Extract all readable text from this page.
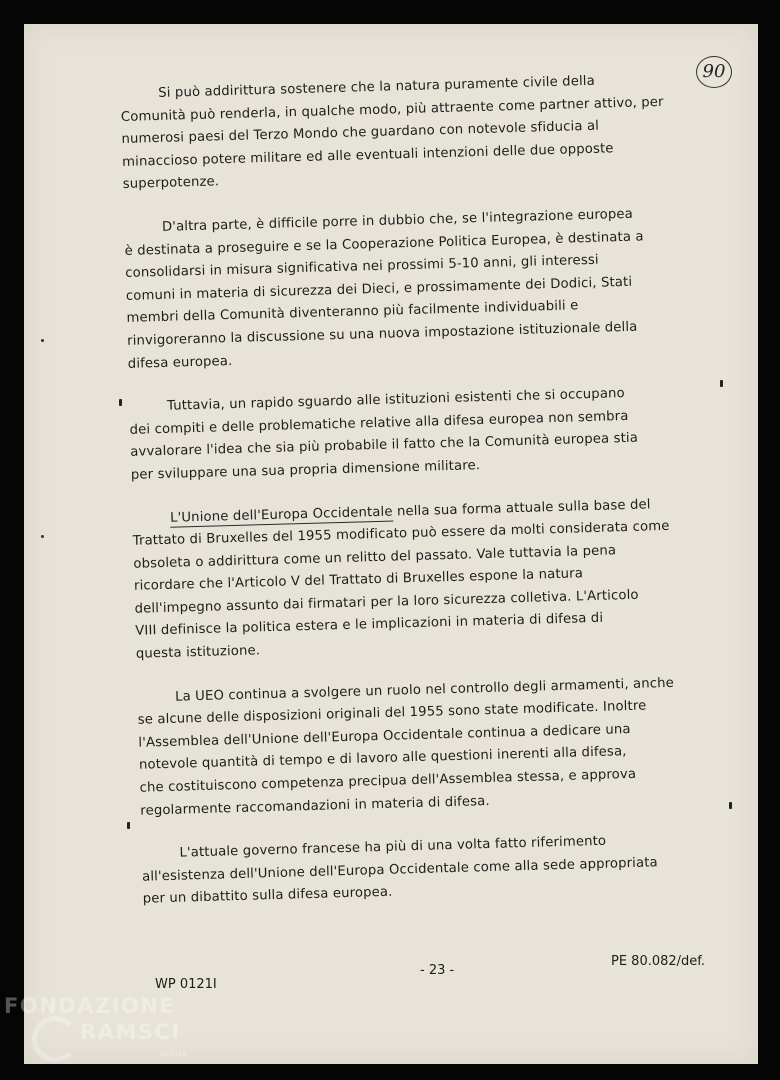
90
Si può addirittura sostenere che la natura puramente civile della
Comunità può renderla, in qualche modo, più attraente come partner attivo, per
numerosi paesi del Terzo Mondo che guardano con notevole sfiducia al
minaccioso potere militare ed alle eventuali intenzioni delle due opposte
superpotenze.
D'altra parte, è difficile porre in dubbio che, se l'integrazione europea
è destinata a proseguire e se la Cooperazione Politica Europea, è destinata a
consolidarsi in misura significativa nei prossimi 5-10 anni, gli interessi
comuni in materia di sicurezza dei Dieci, e prossimamente dei Dodici, Stati
membri della Comunità diventeranno più facilmente individuabili e
rinvigoreranno la discussione su una nuova impostazione istituzionale della
difesa europea.
Tuttavia, un rapido sguardo alle istituzioni esistenti che si occupano
dei compiti e delle problematiche relative alla difesa europea non sembra
avvalorare l'idea che sia più probabile il fatto che la Comunità europea stia
per sviluppare una sua propria dimensione militare.
L'Unione dell'Europa Occidentale nella sua forma attuale sulla base del
Trattato di Bruxelles del 1955 modificato può essere da molti considerata come
obsoleta o addirittura come un relitto del passato. Vale tuttavia la pena
ricordare che l'Articolo V del Trattato di Bruxelles espone la natura
dell'impegno assunto dai firmatari per la loro sicurezza colletiva. L'Articolo
VIII definisce la politica estera e le implicazioni in materia di difesa di
questa istituzione.
La UEO continua a svolgere un ruolo nel controllo degli armamenti, anche
se alcune delle disposizioni originali del 1955 sono state modificate. Inoltre
l'Assemblea dell'Unione dell'Europa Occidentale continua a dedicare una
notevole quantità di tempo e di lavoro alle questioni inerenti alla difesa,
che costituiscono competenza precipua dell'Assemblea stessa, e approva
regolarmente raccomandazioni in materia di difesa.
L'attuale governo francese ha più di una volta fatto riferimento
all'esistenza dell'Unione dell'Europa Occidentale come alla sede appropriata
per un dibattito sulla difesa europea.
- 23 -
PE 80.082/def.
WP 0121I
FONDAZIONE
RAMSCI
onlus
